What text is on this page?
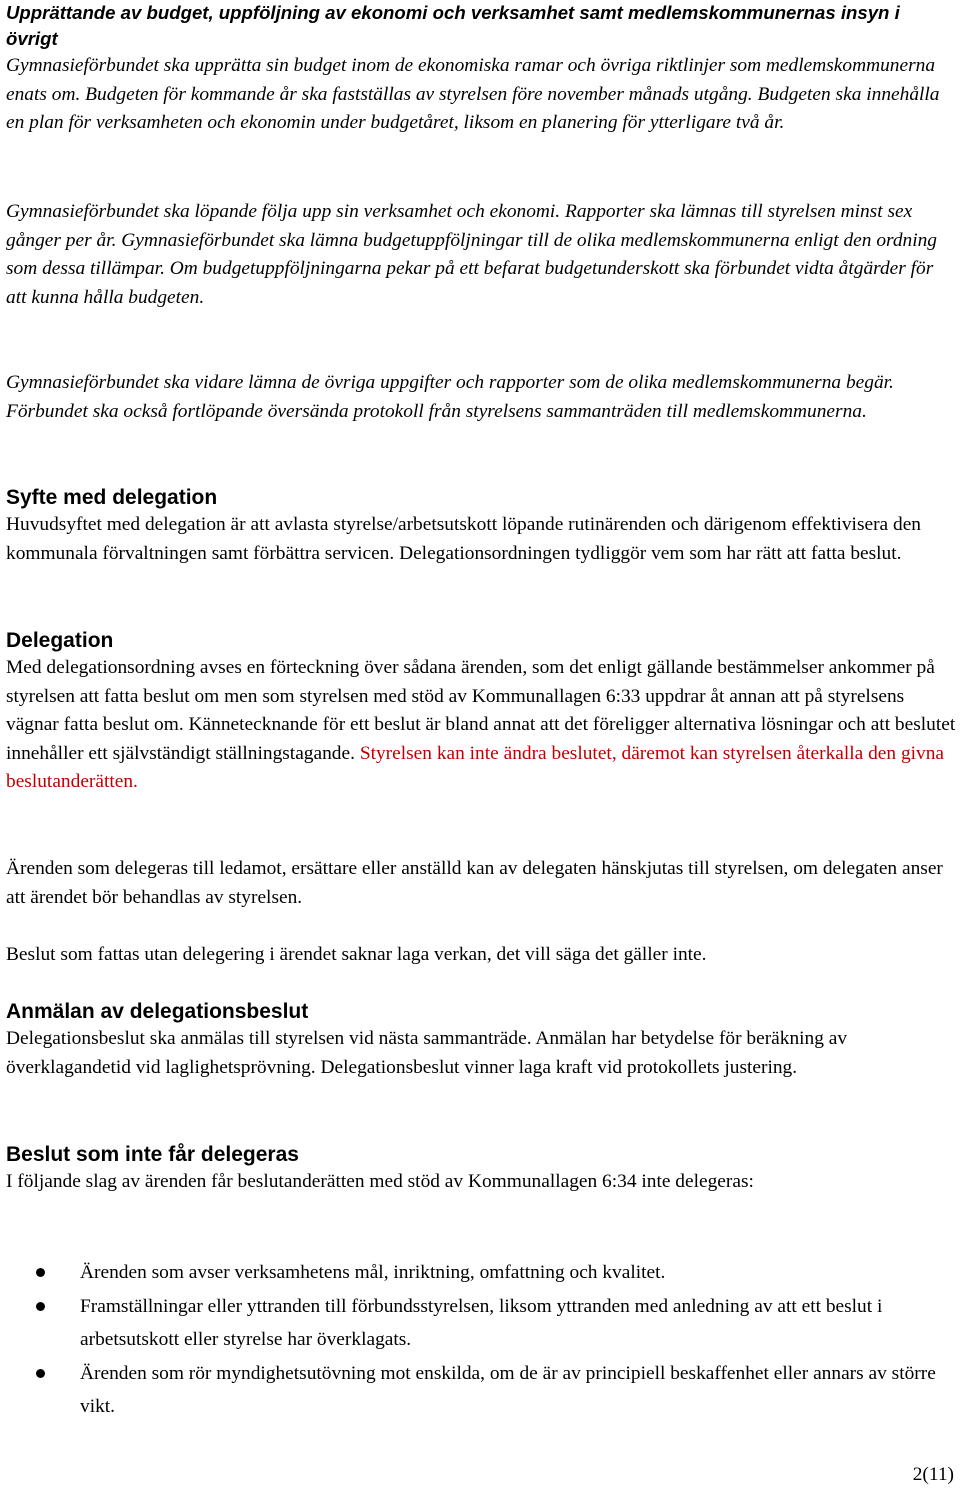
Upprättande av budget, uppföljning av ekonomi och verksamhet samt medlemskommunernas insyn i övrigt

Gymnasieförbundet ska upprätta sin budget inom de ekonomiska ramar och övriga riktlinjer som medlemskommunerna enats om. Budgeten för kommande år ska fastställas av styrelsen före november månads utgång. Budgeten ska innehålla en plan för verksamheten och ekonomin under budgetåret, liksom en planering för ytterligare två år.

Gymnasieförbundet ska löpande följa upp sin verksamhet och ekonomi. Rapporter ska lämnas till styrelsen minst sex gånger per år. Gymnasieförbundet ska lämna budgetuppföljningar till de olika medlemskommunerna enligt den ordning som dessa tillämpar. Om budgetuppföljningarna pekar på ett befarat budgetunderskott ska förbundet vidta åtgärder för att kunna hålla budgeten.

Gymnasieförbundet ska vidare lämna de övriga uppgifter och rapporter som de olika medlemskommunerna begär. Förbundet ska också fortlöpande översända protokoll från styrelsens sammanträden till medlemskommunerna.

Syfte med delegation

Huvudsyftet med delegation är att avlasta styrelse/arbetsutskott löpande rutinärenden och därigenom effektivisera den kommunala förvaltningen samt förbättra servicen. Delegationsordningen tydliggör vem som har rätt att fatta beslut.

Delegation

Med delegationsordning avses en förteckning över sådana ärenden, som det enligt gällande bestämmelser ankommer på styrelsen att fatta beslut om men som styrelsen med stöd av Kommunallagen 6:33 uppdrar åt annan att på styrelsens vägnar fatta beslut om. Kännetecknande för ett beslut är bland annat att det föreligger alternativa lösningar och att beslutet innehåller ett självständigt ställningstagande. Styrelsen kan inte ändra beslutet, däremot kan styrelsen återkalla den givna beslutanderätten.

Ärenden som delegeras till ledamot, ersättare eller anställd kan av delegaten hänskjutas till styrelsen, om delegaten anser att ärendet bör behandlas av styrelsen.

Beslut som fattas utan delegering i ärendet saknar laga verkan, det vill säga det gäller inte.

Anmälan av delegationsbeslut

Delegationsbeslut ska anmälas till styrelsen vid nästa sammanträde. Anmälan har betydelse för beräkning av överklagandetid vid laglighetsprövning. Delegationsbeslut vinner laga kraft vid protokollets justering.

Beslut som inte får delegeras

I följande slag av ärenden får beslutanderätten med stöd av Kommunallagen 6:34 inte delegeras:

Ärenden som avser verksamhetens mål, inriktning, omfattning och kvalitet.
Framställningar eller yttranden till förbundsstyrelsen, liksom yttranden med anledning av att ett beslut i arbetsutskott eller styrelse har överklagats.
Ärenden som rör myndighetsutövning mot enskilda, om de är av principiell beskaffenhet eller annars av större vikt.
2(11)
